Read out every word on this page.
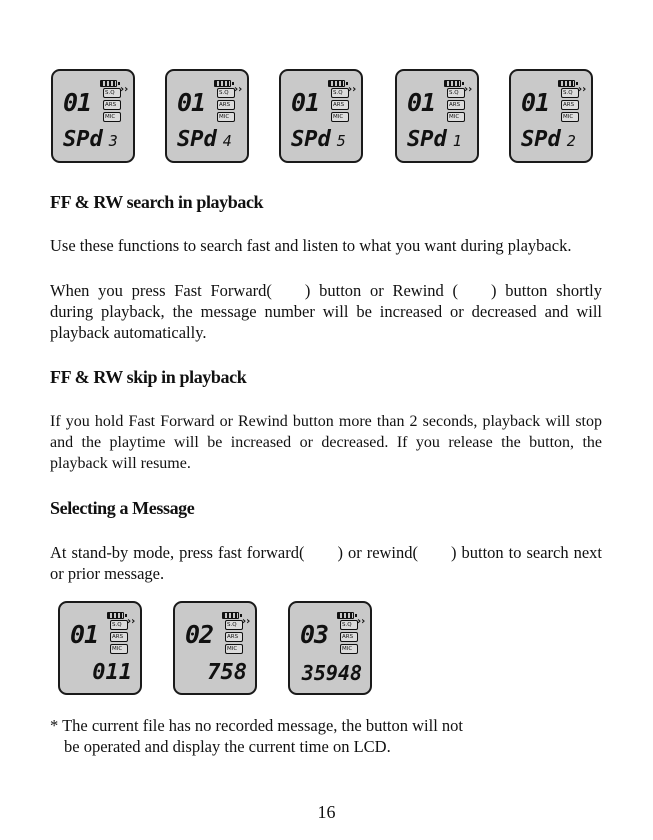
01	S.Q ››
ARS
MIC
SPd 3
01	S.Q ››
ARS
MIC
SPd 4
01	S.Q ››
ARS
MIC
SPd 5
01	S.Q ››
ARS
MIC
SPd 1
01	S.Q ››
ARS
MIC
SPd 2
FF & RW search in playback
Use these functions to search fast and listen to what you want during playback.
When you press Fast Forward(  ) button or Rewind (  ) button shortly during playback, the message number will be increased or decreased and will playback automatically.
FF & RW skip in playback
If you hold Fast Forward or Rewind button more than 2 seconds, playback will stop and the playtime will be increased or decreased. If you release the button, the playback will resume.
Selecting a Message
At stand-by mode, press fast forward(  ) or rewind(  ) button to search next or prior message.
01	S.Q ››
ARS
MIC
011
02	S.Q ››
ARS
MIC
758
03	S.Q ››
ARS
MIC
35948
* The current file has no recorded message, the button will not
be operated and display the current time on LCD.
16
